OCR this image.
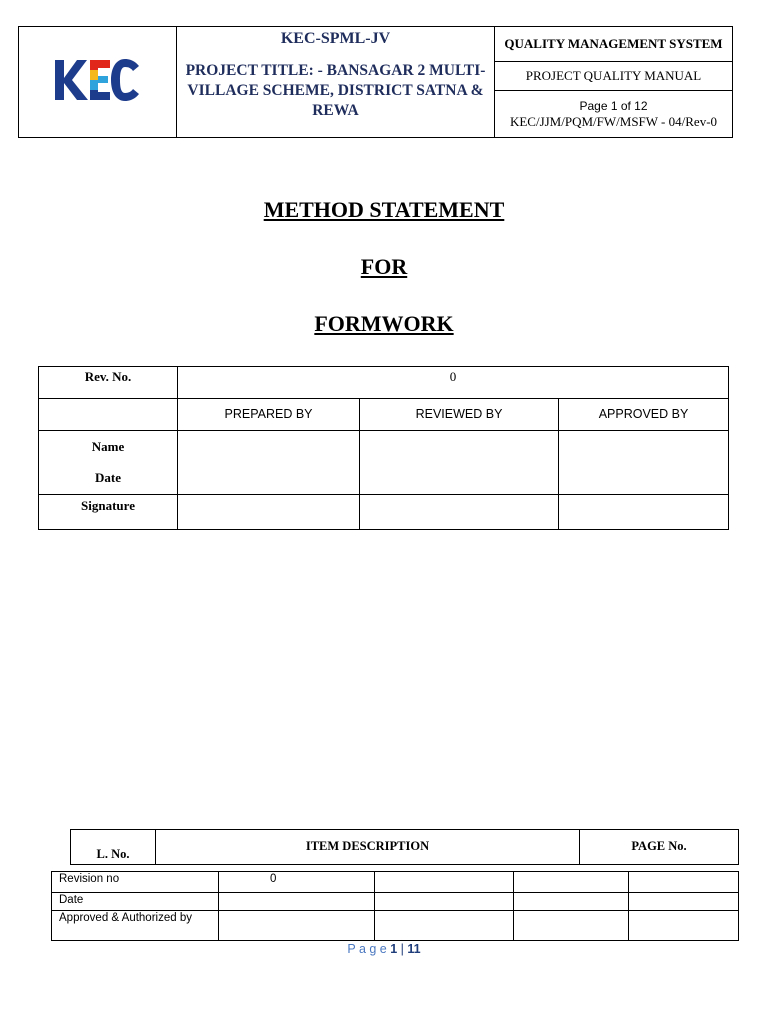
KEC-SPML-JV
PROJECT TITLE: - BANSAGAR 2 MULTI-VILLAGE SCHEME, DISTRICT SATNA & REWA
	QUALITY MANAGEMENT SYSTEM
PROJECT QUALITY MANUAL

Page 1 of 12
KEC/JJM/PQM/FW/MSFW - 04/Rev-0
METHOD STATEMENT
FOR
FORMWORK
Rev. No.	0		
	PREPARED BY	REVIEWED BY	APPROVED BY

Name
Date			

Signature			
L. No.	ITEM DESCRIPTION	PAGE No.
Revision no	0			
Date				
Approved & Authorized by				
P a g e 1 | 11
